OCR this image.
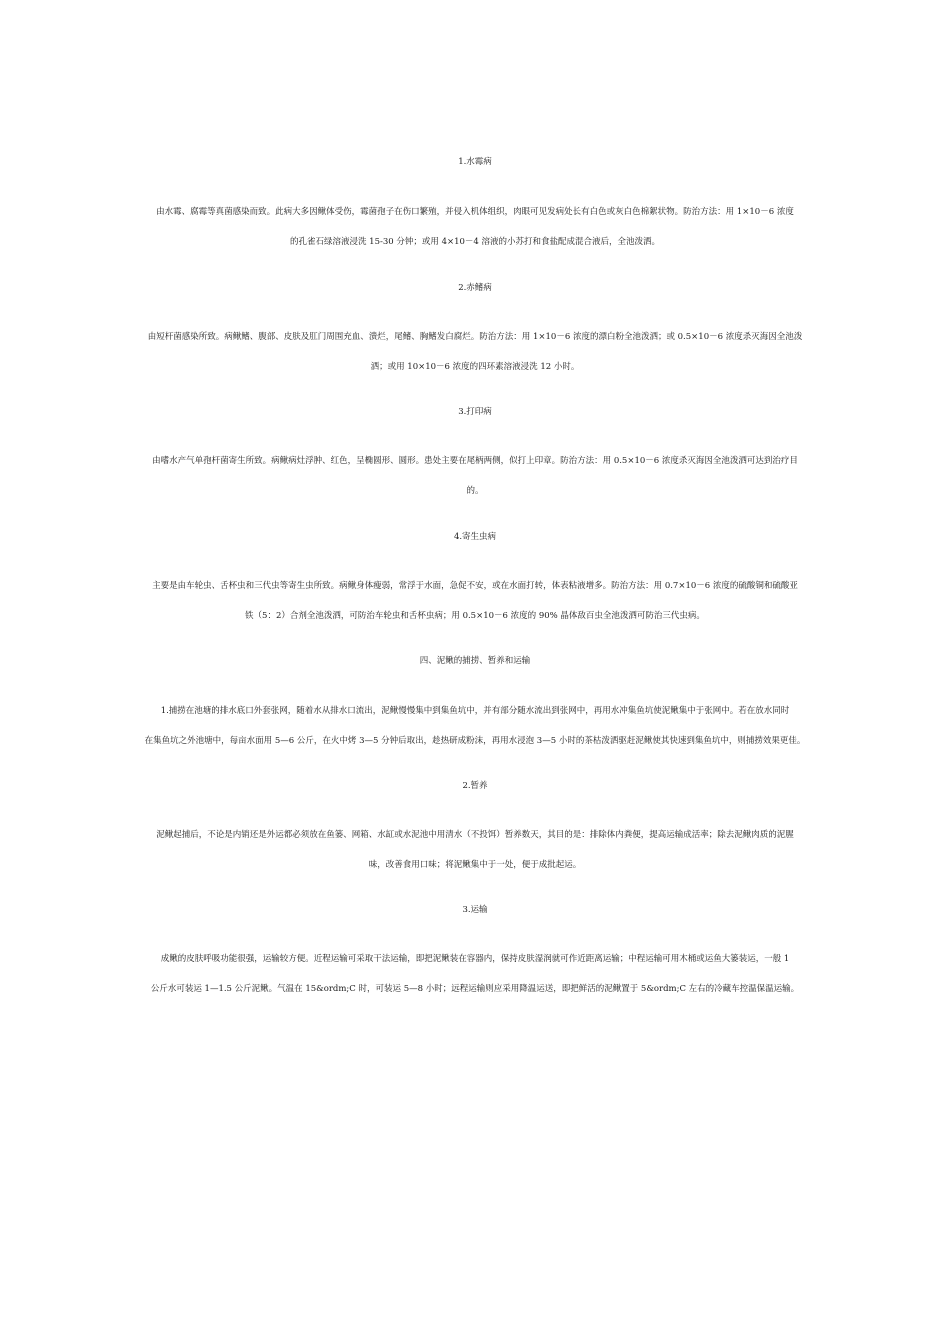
1.水霉病
由水霉、腐霉等真菌感染而致。此病大多因鳅体受伤，霉菌孢子在伤口繁殖，并侵入机体组织，肉眼可见发病处长有白色或灰白色棉絮状物。防治方法：用 1×10－6 浓度
的孔雀石绿溶液浸洗 15-30 分钟；或用 4×10－4 溶液的小苏打和食盐配成混合液后，全池泼洒。
2.赤鳍病
由短杆菌感染所致。病鳅鳍、腹部、皮肤及肛门周围充血、溃烂，尾鳍、胸鳍发白腐烂。防治方法：用 1×10－6 浓度的漂白粉全池泼洒；或 0.5×10－6 浓度杀灭海因全池泼
洒；或用 10×10－6 浓度的四环素溶液浸洗 12 小时。
3.打印病
由嗜水产气单孢杆菌寄生所致。病鳅病灶浮肿、红色，呈椭圆形、圆形。患处主要在尾柄两侧，似打上印章。防治方法：用 0.5×10－6 浓度杀灭海因全池泼洒可达到治疗目
的。
4.寄生虫病
主要是由车轮虫、舌杯虫和三代虫等寄生虫所致。病鳅身体瘦弱，常浮于水面，急促不安，或在水面打转，体表粘液增多。防治方法：用 0.7×10－6 浓度的硫酸铜和硫酸亚
铁（5：2）合剂全池泼洒，可防治车轮虫和舌杯虫病；用 0.5×10－6 浓度的 90% 晶体敌百虫全池泼洒可防治三代虫病。
四、泥鳅的捕捞、暂养和运输
1.捕捞在池塘的排水底口外套张网，随着水从排水口流出，泥鳅慢慢集中到集鱼坑中，并有部分随水流出到张网中，再用水冲集鱼坑使泥鳅集中于张网中。若在放水同时
在集鱼坑之外池塘中，每亩水面用 5—6 公斤，在火中烤 3—5 分钟后取出，趁热研成粉沫，再用水浸泡 3—5 小时的茶枯泼洒驱赶泥鳅使其快速到集鱼坑中，则捕捞效果更佳。
2.暂养
泥鳅起捕后，不论是内销还是外运都必须放在鱼篓、网箱、水缸或水泥池中用清水（不投饵）暂养数天，其目的是：排除体内粪便，提高运输成活率；除去泥鳅肉质的泥腥
味，改善食用口味；将泥鳅集中于一处，便于成批起运。
3.运输
成鳅的皮肤呼吸功能很强，运输较方便。近程运输可采取干法运输，即把泥鳅装在容器内，保持皮肤湿润就可作近距离运输；中程运输可用木桶或运鱼大篓装运，一般 1
公斤水可装运 1—1.5 公斤泥鳅。气温在 15&ordm;C 时，可装运 5—8 小时；远程运输则应采用降温运送，即把鲜活的泥鳅置于 5&ordm;C 左右的冷藏车控温保温运输。
